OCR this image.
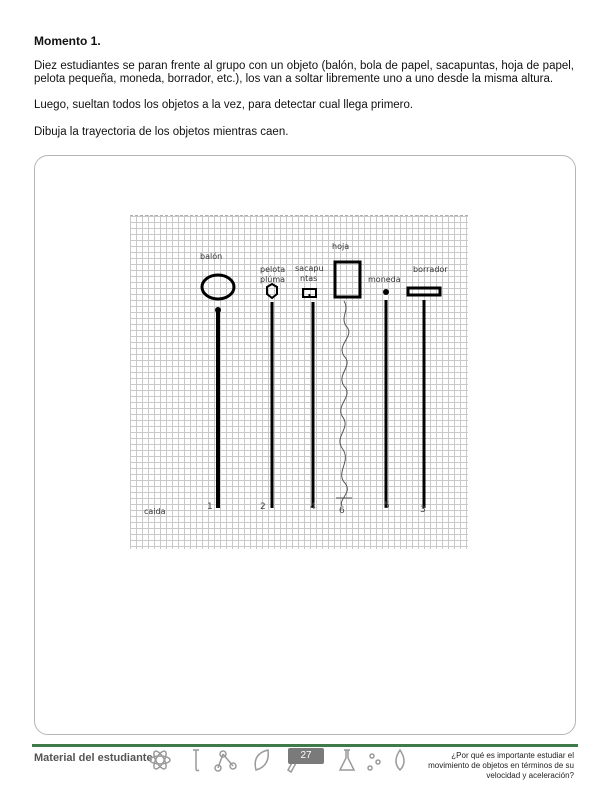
Momento 1.

Diez estudiantes se paran frente al grupo con un objeto (balón, bola de papel, sacapuntas, hoja de papel, pelota pequeña, moneda, borrador, etc.), los van a soltar libremente uno a uno desde la misma altura.

Luego, sueltan todos los objetos a la vez, para detectar cual llega primero.

Dibuja la trayectoria de los objetos mientras caen.

balón
pelota
plúma
sacapu
ntas
hoja
moneda
borrador
caida	1	2	4	6	5	3
Material del estudiante	27	¿Por qué es importante estudiar el movimiento de objetos en términos de su velocidad y aceleración?
